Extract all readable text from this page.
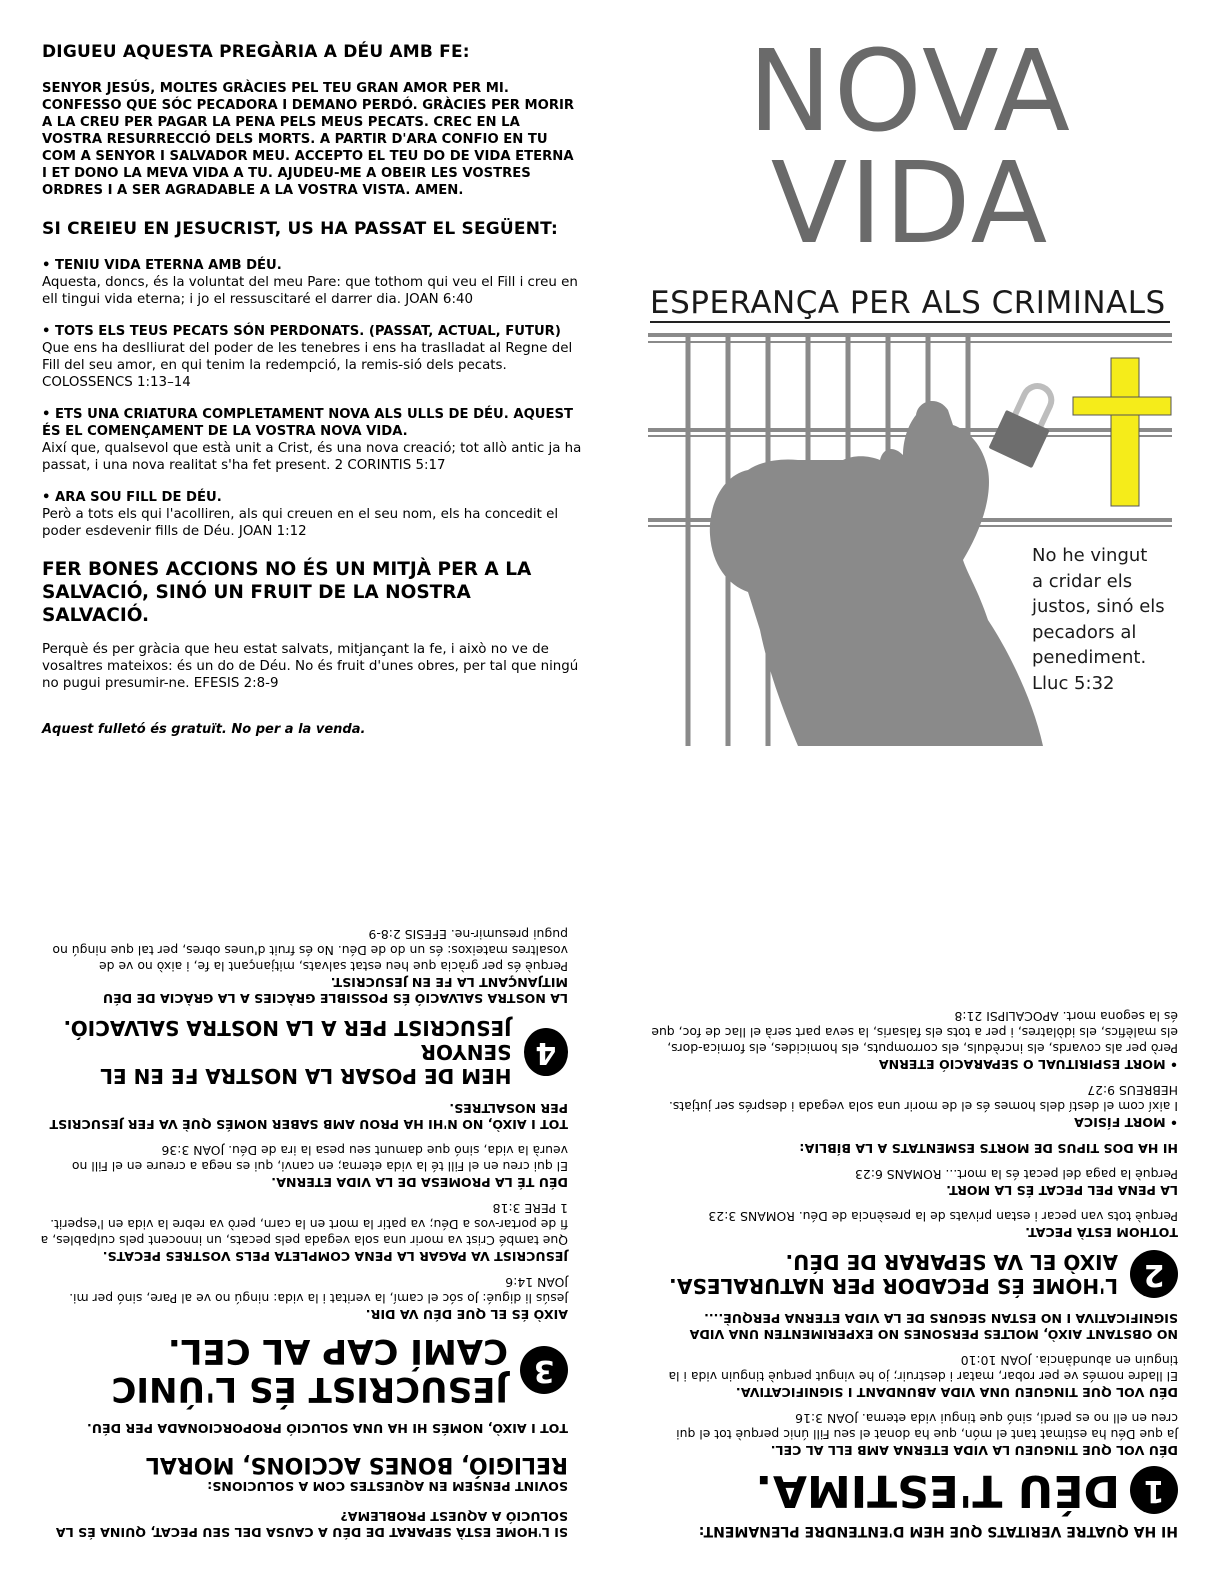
DIGUEU AQUESTA PREGÀRIA A DÉU AMB FE:
SENYOR JESÚS, MOLTES GRÀCIES PEL TEU GRAN AMOR PER MI. CONFESSO QUE SÓC PECADORA I DEMANO PERDÓ. GRÀCIES PER MORIR A LA CREU PER PAGAR LA PENA PELS MEUS PECATS. CREC EN LA VOSTRA RESURRECCIÓ DELS MORTS. A PARTIR D'ARA CONFIO EN TU COM A SENYOR I SALVADOR MEU. ACCEPTO EL TEU DO DE VIDA ETERNA I ET DONO LA MEVA VIDA A TU. AJUDEU-ME A OBEIR LES VOSTRES ORDRES I A SER AGRADABLE A LA VOSTRA VISTA. AMEN.
SI CREIEU EN JESUCRIST, US HA PASSAT EL SEGÜENT:
• TENIU VIDA ETERNA AMB DÉU.
Aquesta, doncs, és la voluntat del meu Pare: que tothom qui veu el Fill i creu en ell tingui vida eterna; i jo el ressuscitaré el darrer dia. JOAN 6:40
• TOTS ELS TEUS PECATS SÓN PERDONATS. (PASSAT, ACTUAL, FUTUR)
Que ens ha deslliurat del poder de les tenebres i ens ha traslladat al Regne del Fill del seu amor, en qui tenim la redempció, la remis-sió dels pecats. COLOSSENCS 1:13–14
• ETS UNA CRIATURA COMPLETAMENT NOVA ALS ULLS DE DÉU. AQUEST ÉS EL COMENÇAMENT DE LA VOSTRA NOVA VIDA.
Així que, qualsevol que està unit a Crist, és una nova creació; tot allò antic ja ha passat, i una nova realitat s'ha fet present. 2 CORINTIS 5:17
• ARA SOU FILL DE DÉU.
Però a tots els qui l'acolliren, als qui creuen en el seu nom, els ha concedit el poder esdevenir fills de Déu. JOAN 1:12
FER BONES ACCIONS NO ÉS UN MITJÀ PER A LA SALVACIÓ, SINÓ UN FRUIT DE LA NOSTRA SALVACIÓ.
Perquè és per gràcia que heu estat salvats, mitjançant la fe, i això no ve de vosaltres mateixos: és un do de Déu. No és fruit d'unes obres, per tal que ningú no pugui presumir-ne. EFESIS 2:8-9
Aquest fulletó és gratuït. No per a la venda.
NOVA
VIDA
ESPERANÇA PER ALS CRIMINALS
No he vingut
a cridar els
justos, sinó els
pecadors al
penediment.
Lluc 5:32
SI L'HOME ESTÀ SEPARAT DE DÉU A CAUSA DEL SEU PECAT, QUINA ÉS LA SOLUCIÓ A AQUEST PROBLEMA?
SOVINT PENSEM EN AQUESTES COM A SOLUCIONS:
RELIGIÓ, BONES ACCIONS, MORAL
TOT I AIXÒ, NOMÉS HI HA UNA SOLUCIÓ PROPORCIONADA PER DÉU.
3
JESUCRIST ÉS L'ÚNIC
CAMÍ CAP AL CEL.
AIXÒ ÉS EL QUE DÉU VA DIR.
Jesús li digué: Jo sóc el camí, la veritat i la vida: ningú no ve al Pare, sinó per mi. JOAN 14:6
JESUCRIST VA PAGAR LA PENA COMPLETA PELS VOSTRES PECATS.
Que també Crist va morir una sola vegada pels pecats, un innocent pels culpables, a fi de portar-vos a Déu; va patir la mort en la carn, però va rebre la vida en l'esperit. 1 PERE 3:18
DÉU TÉ LA PROMESA DE LA VIDA ETERNA.
El qui creu en el Fill té la vida eterna; en canvi, qui es nega a creure en el Fill no veurà la vida, sinó que damunt seu pesa la ira de Déu. JOAN 3:36
TOT I AIXÒ, NO N'HI HA PROU AMB SABER NOMÉS QUÈ VA FER JESUCRIST PER NOSALTRES.
4
HEM DE POSAR LA NOSTRA FE EN EL SENYOR
JESUCRIST PER A LA NOSTRA SALVACIÓ.
LA NOSTRA SALVACIÓ ÉS POSSIBLE GRÀCIES A LA GRÀCIA DE DÉU MITJANÇANT LA FE EN JESUCRIST.
Perquè és per gràcia que heu estat salvats, mitjançant la fe, i això no ve de vosaltres mateixos: és un do de Déu. No és fruit d'unes obres, per tal que ningú no pugui presumir-ne. EFESIS 2:8-9
HI HA QUATRE VERITATS QUE HEM D'ENTENDRE PLENAMENT:
1
DÉU T'ESTIMA.
DÉU VOL QUE TINGUEU LA VIDA ETERNA AMB ELL AL CEL.
Ja que Déu ha estimat tant el món, que ha donat el seu Fill únic perquè tot el qui creu en ell no es perdi, sinó que tingui vida eterna. JOAN 3:16
DÉU VOL QUE TINGUEU UNA VIDA ABUNDANT I SIGNIFICATIVA.
El lladre només ve per robar, matar i destruir; jo he vingut perquè tinguin vida i la tinguin en abundància. JOAN 10:10
NO OBSTANT AIXÒ, MOLTES PERSONES NO EXPERIMENTEN UNA VIDA SIGNIFICATIVA I NO ESTAN SEGURS DE LA VIDA ETERNA PERQUÈ....
2
L'HOME ÉS PECADOR PER NATURALESA.
AIXÒ EL VA SEPARAR DE DÉU.
TOTHOM ESTÀ PECAT.
Perquè tots van pecar i estan privats de la presència de Déu. ROMANS 3:23
LA PENA PEL PECAT ÉS LA MORT.
Perquè la paga del pecat és la mort... ROMANS 6:23
HI HA DOS TIPUS DE MORTS ESMENTATS A LA BÍBLIA:
• MORT FÍSICA
I així com el destí dels homes és el de morir una sola vegada i després ser jutjats. HEBREUS 9:27
• MORT ESPIRITUAL O SEPARACIÓ ETERNA
Però per als covards, els incrèduls, els corromputs, els homicides, els fornica-dors, els malèfics, els idòlatres, i per a tots els falsaris, la seva part serà el llac de foc, que és la segona mort. APOCALIPSI 21:8
